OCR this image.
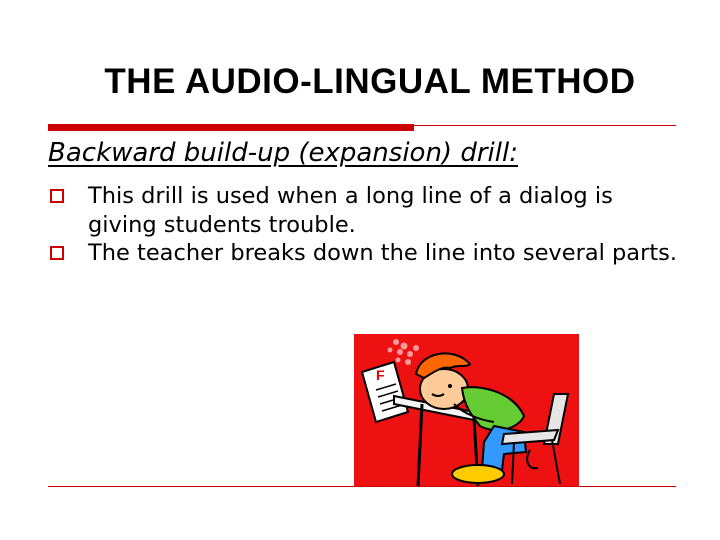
THE AUDIO-LINGUAL METHOD
Backward build-up (expansion) drill:
This drill is used when a long line of a dialog is giving students trouble.
The teacher breaks down the line into several parts.
F
